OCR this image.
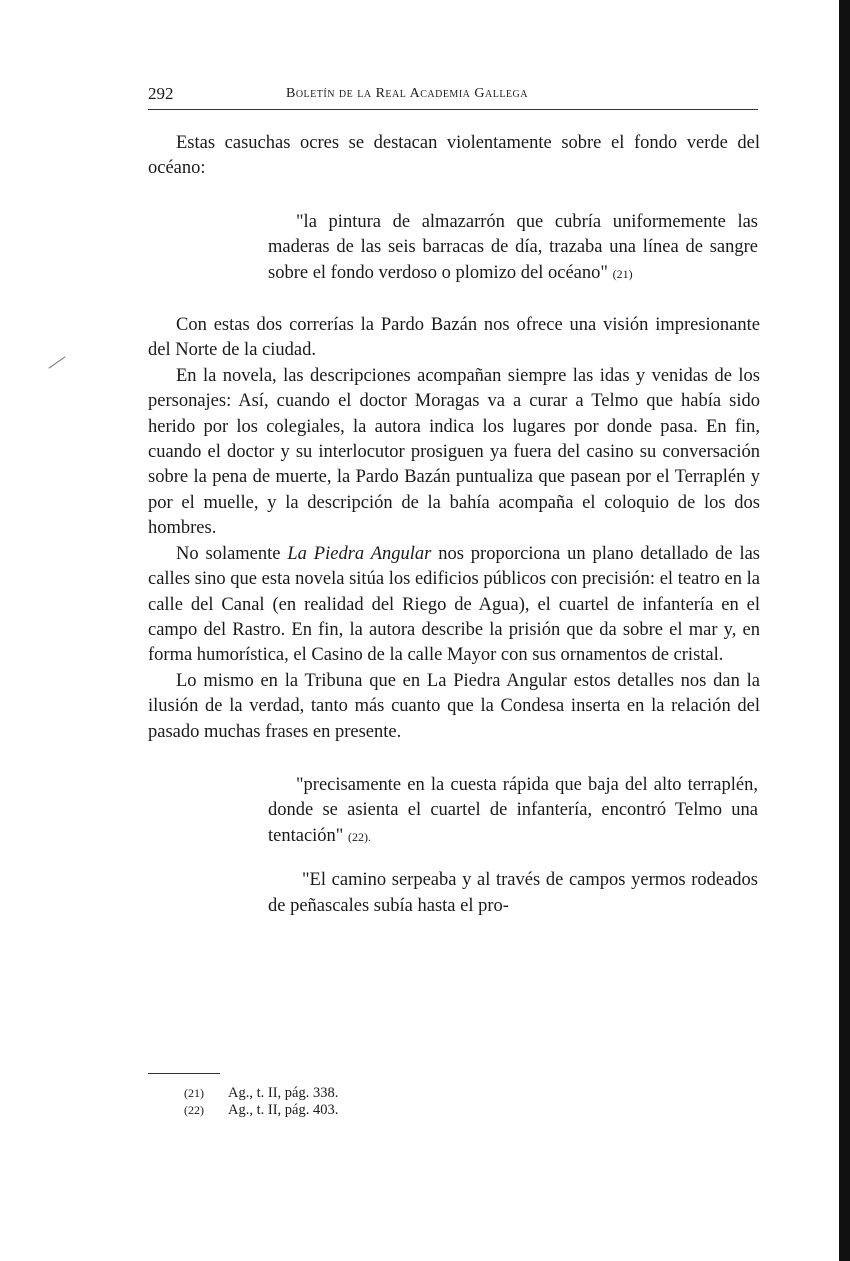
292	Boletín de la Real Academia Gallega

Estas casuchas ocres se destacan violentamente sobre el fondo verde del océano:

"la pintura de almazarrón que cubría uniformemente las maderas de las seis barracas de día, trazaba una línea de sangre sobre el fondo verdoso o plomizo del océano" (21)

Con estas dos correrías la Pardo Bazán nos ofrece una visión impresionante del Norte de la ciudad.

En la novela, las descripciones acompañan siempre las idas y venidas de los personajes: Así, cuando el doctor Moragas va a curar a Telmo que había sido herido por los colegiales, la autora indica los lugares por donde pasa. En fin, cuando el doctor y su interlocutor prosiguen ya fuera del casino su conversación sobre la pena de muerte, la Pardo Bazán puntualiza que pasean por el Terraplén y por el muelle, y la descripción de la bahía acompaña el coloquio de los dos hombres.

No solamente La Piedra Angular nos proporciona un plano detallado de las calles sino que esta novela sitúa los edificios públicos con precisión: el teatro en la calle del Canal (en realidad del Riego de Agua), el cuartel de infantería en el campo del Rastro. En fin, la autora describe la prisión que da sobre el mar y, en forma humorística, el Casino de la calle Mayor con sus ornamentos de cristal.

Lo mismo en la Tribuna que en La Piedra Angular estos detalles nos dan la ilusión de la verdad, tanto más cuanto que la Condesa inserta en la relación del pasado muchas frases en presente.

"precisamente en la cuesta rápida que baja del alto terraplén, donde se asienta el cuartel de infantería, encontró Telmo una tentación" (22).

"El camino serpeaba y al través de campos yermos rodeados de peñascales subía hasta el pro-

(21) Ag., t. II, pág. 338.
(22) Ag., t. II, pág. 403.
